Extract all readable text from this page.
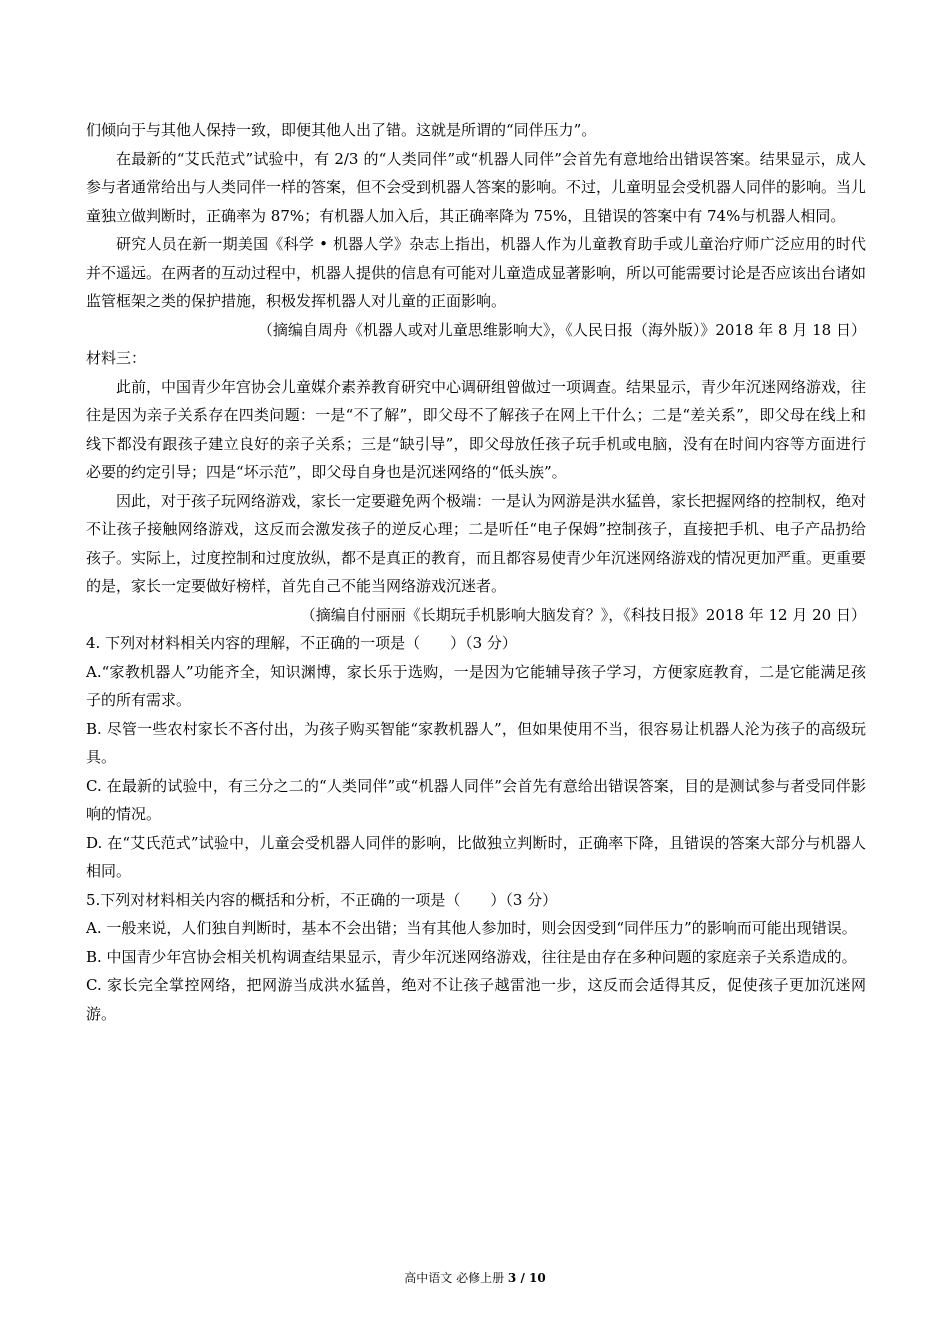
们倾向于与其他人保持一致，即便其他人出了错。这就是所谓的“同伴压力”。

在最新的“艾氏范式”试验中，有 2/3 的“人类同伴”或“机器人同伴”会首先有意地给出错误答案。结果显示，成人参与者通常给出与人类同伴一样的答案，但不会受到机器人答案的影响。不过，儿童明显会受机器人同伴的影响。当儿童独立做判断时，正确率为 87%；有机器人加入后，其正确率降为 75%，且错误的答案中有 74%与机器人相同。

研究人员在新一期美国《科学 • 机器人学》杂志上指出，机器人作为儿童教育助手或儿童治疗师广泛应用的时代并不遥远。在两者的互动过程中，机器人提供的信息有可能对儿童造成显著影响，所以可能需要讨论是否应该出台诸如监管框架之类的保护措施，积极发挥机器人对儿童的正面影响。

（摘编自周舟《机器人或对儿童思维影响大》，《人民日报（海外版）》2018 年 8 月 18 日）

材料三：

此前，中国青少年宫协会儿童媒介素养教育研究中心调研组曾做过一项调查。结果显示，青少年沉迷网络游戏，往往是因为亲子关系存在四类问题：一是“不了解”，即父母不了解孩子在网上干什么；二是“差关系”，即父母在线上和线下都没有跟孩子建立良好的亲子关系；三是“缺引导”，即父母放任孩子玩手机或电脑，没有在时间内容等方面进行必要的约定引导；四是“坏示范”，即父母自身也是沉迷网络的“低头族”。

因此，对于孩子玩网络游戏，家长一定要避免两个极端：一是认为网游是洪水猛兽，家长把握网络的控制权，绝对不让孩子接触网络游戏，这反而会激发孩子的逆反心理；二是听任“电子保姆”控制孩子，直接把手机、电子产品扔给孩子。实际上，过度控制和过度放纵，都不是真正的教育，而且都容易使青少年沉迷网络游戏的情况更加严重。更重要的是，家长一定要做好榜样，首先自己不能当网络游戏沉迷者。

（摘编自付丽丽《长期玩手机影响大脑发育？》，《科技日报》2018 年 12 月 20 日）

4. 下列对材料相关内容的理解，不正确的一项是（　　）（3 分）

A.“家教机器人”功能齐全，知识渊博，家长乐于选购，一是因为它能辅导孩子学习，方便家庭教育，二是它能满足孩子的所有需求。

B. 尽管一些农村家长不吝付出，为孩子购买智能“家教机器人”，但如果使用不当，很容易让机器人沦为孩子的高级玩具。

C. 在最新的试验中，有三分之二的“人类同伴”或“机器人同伴”会首先有意给出错误答案，目的是测试参与者受同伴影响的情况。

D. 在“艾氏范式”试验中，儿童会受机器人同伴的影响，比做独立判断时，正确率下降，且错误的答案大部分与机器人相同。

5.下列对材料相关内容的概括和分析，不正确的一项是（　　）（3 分）

A. 一般来说，人们独自判断时，基本不会出错；当有其他人参加时，则会因受到“同伴压力”的影响而可能出现错误。

B. 中国青少年宫协会相关机构调查结果显示，青少年沉迷网络游戏，往往是由存在多种问题的家庭亲子关系造成的。

C. 家长完全掌控网络，把网游当成洪水猛兽，绝对不让孩子越雷池一步，这反而会适得其反，促使孩子更加沉迷网游。

高中语文 必修上册 3 / 10
